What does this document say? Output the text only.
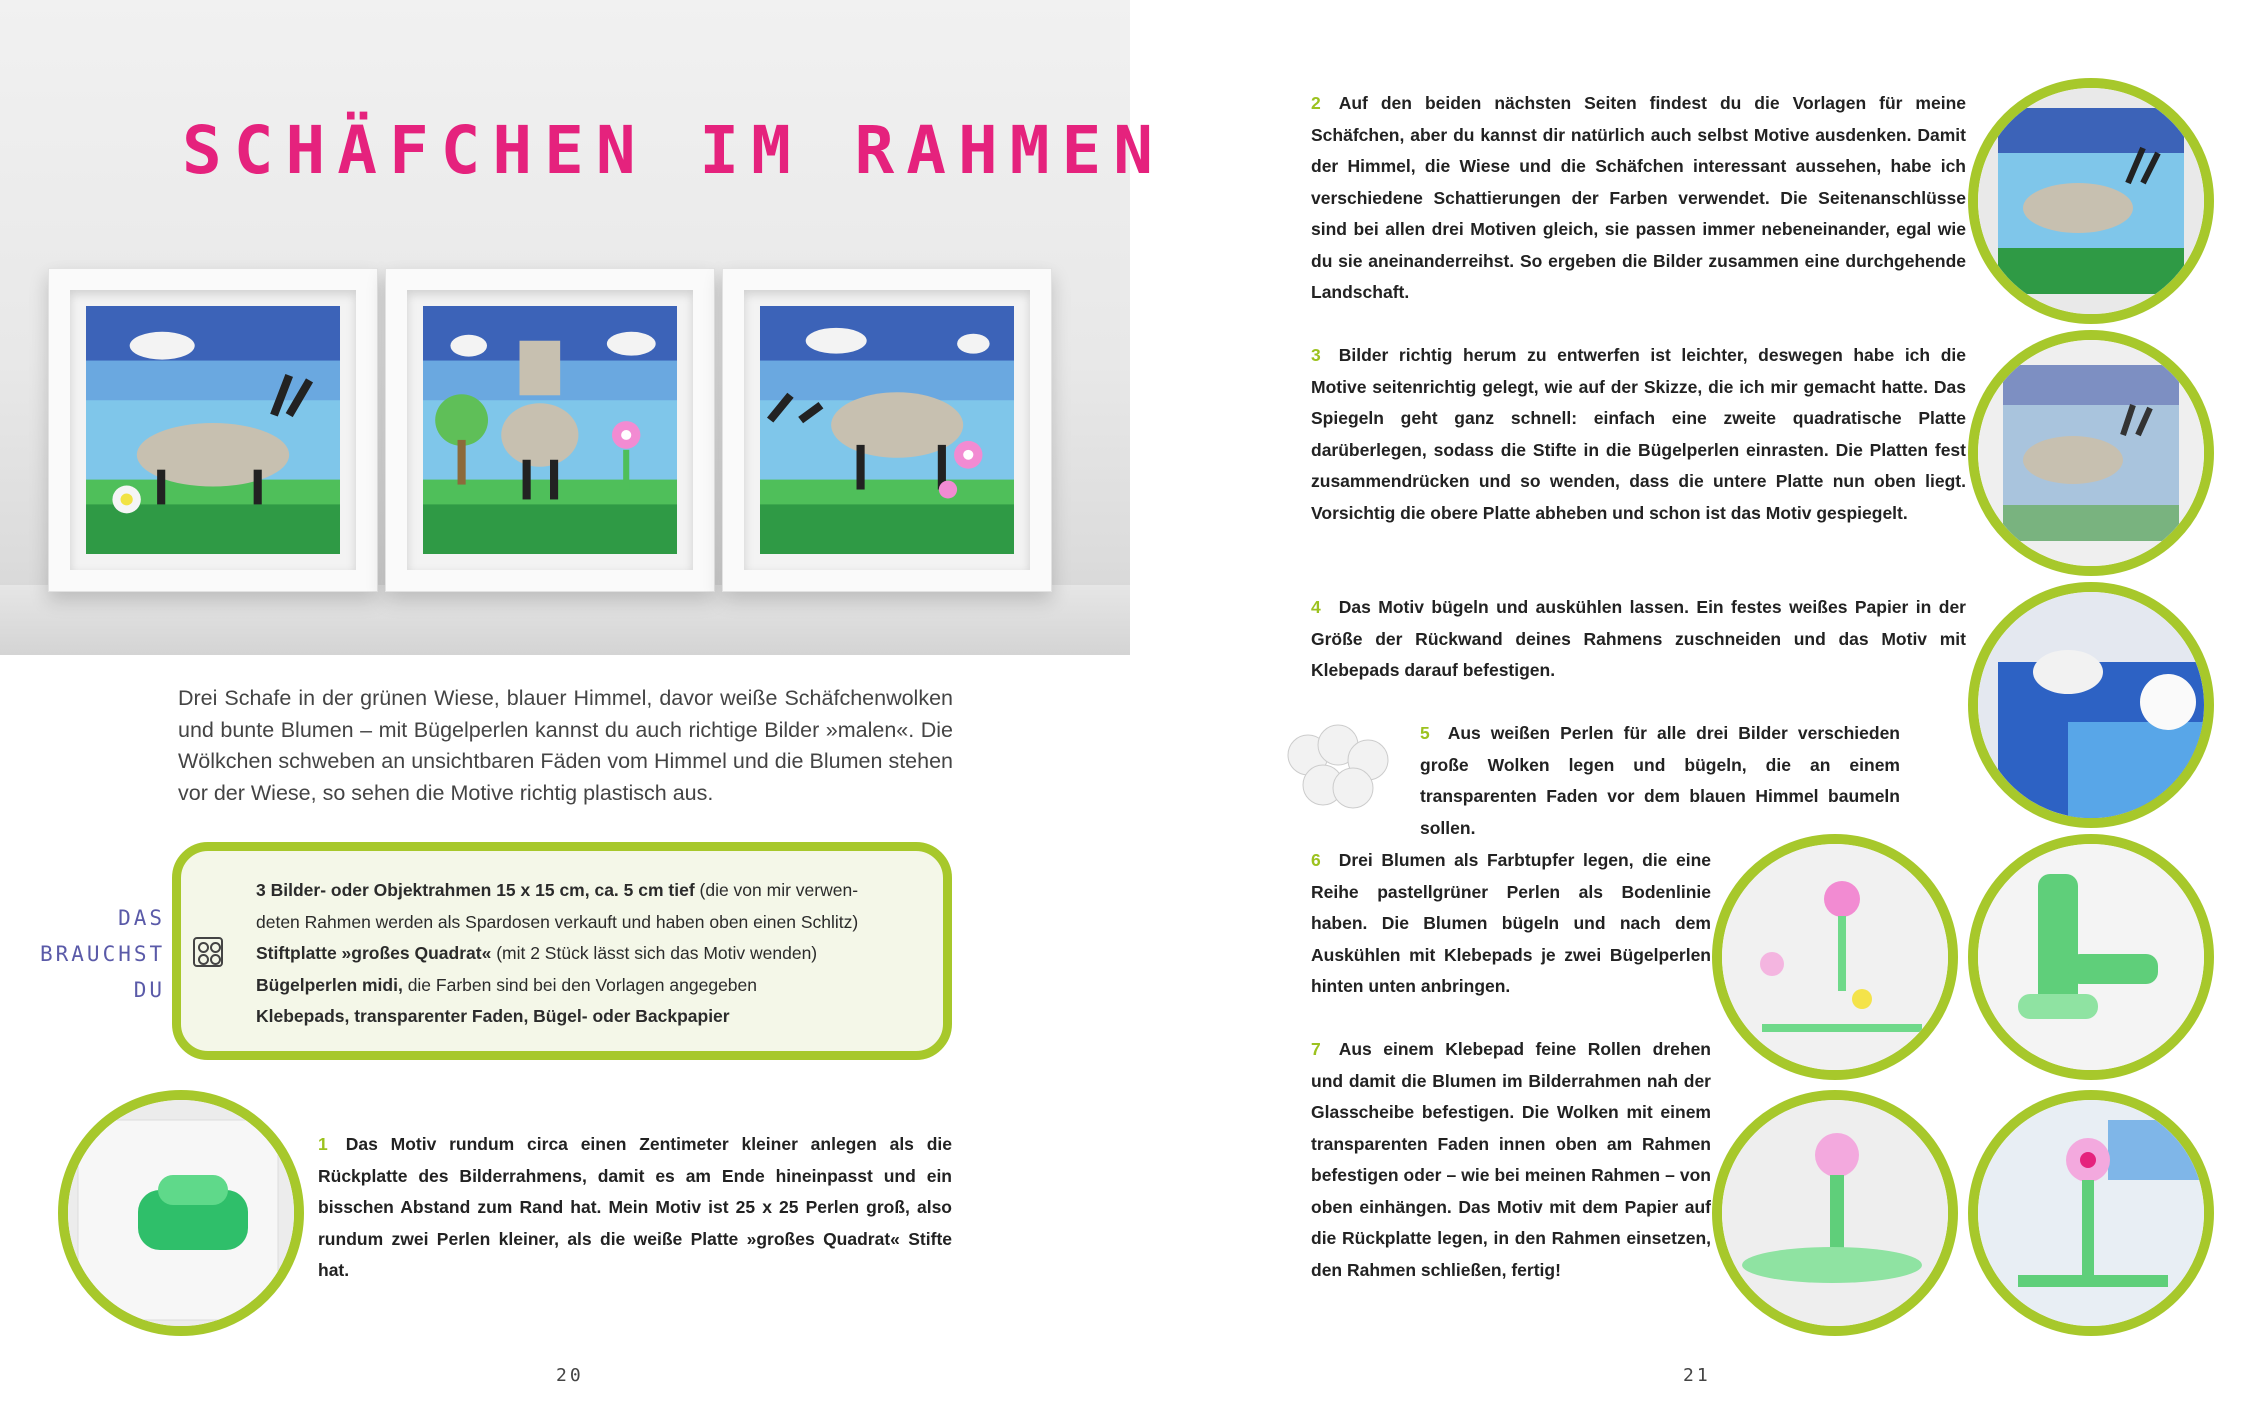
SCHÄFCHEN IM RAHMEN
Drei Schafe in der grünen Wiese, blauer Himmel, davor weiße Schäfchenwolken und bunte Blumen – mit Bügelperlen kannst du auch richtige Bilder »malen«. Die Wölkchen schweben an unsichtbaren Fäden vom Himmel und die Blumen stehen vor der Wiese, so sehen die Motive richtig plastisch aus.
DAS
BRAUCHST
DU
3 Bilder- oder Objektrahmen 15 x 15 cm, ca. 5 cm tief (die von mir verwen-
deten Rahmen werden als Spardosen verkauft und haben oben einen Schlitz)
Stiftplatte »großes Quadrat« (mit 2 Stück lässt sich das Motiv wenden)
Bügelperlen midi, die Farben sind bei den Vorlagen angegeben
Klebepads, transparenter Faden, Bügel- oder Backpapier
1 Das Motiv rundum circa einen Zentimeter kleiner anlegen als die Rückplatte des Bilderrahmens, damit es am Ende hineinpasst und ein bisschen Abstand zum Rand hat. Mein Motiv ist 25 x 25 Perlen groß, also rundum zwei Perlen kleiner, als die weiße Platte »großes Quadrat« Stifte hat.
20
2 Auf den beiden nächsten Seiten findest du die Vorlagen für meine Schäfchen, aber du kannst dir natürlich auch selbst Motive ausdenken. Damit der Himmel, die Wiese und die Schäfchen interessant aussehen, habe ich verschiedene Schattierungen der Farben verwendet. Die Seitenanschlüsse sind bei allen drei Motiven gleich, sie passen immer nebeneinander, egal wie du sie aneinanderreihst. So ergeben die Bilder zusammen eine durchgehende Landschaft.
3 Bilder richtig herum zu entwerfen ist leichter, deswegen habe ich die Motive seitenrichtig gelegt, wie auf der Skizze, die ich mir gemacht hatte. Das Spiegeln geht ganz schnell: einfach eine zweite quadratische Platte darüberlegen, sodass die Stifte in die Bügelperlen einrasten. Die Platten fest zusammendrücken und so wenden, dass die untere Platte nun oben liegt. Vorsichtig die obere Platte abheben und schon ist das Motiv gespiegelt.
4 Das Motiv bügeln und auskühlen lassen. Ein festes weißes Papier in der Größe der Rückwand deines Rahmens zuschneiden und das Motiv mit Klebepads darauf befestigen.
5 Aus weißen Perlen für alle drei Bilder verschieden große Wolken legen und bügeln, die an einem transparenten Faden vor dem blauen Himmel baumeln sollen.
6 Drei Blumen als Farbtupfer legen, die eine Reihe pastellgrüner Perlen als Bodenlinie haben. Die Blumen bügeln und nach dem Auskühlen mit Klebepads je zwei Bügelperlen hinten unten anbringen.
7 Aus einem Klebepad feine Rollen drehen und damit die Blumen im Bilderrahmen nah der Glasscheibe befestigen. Die Wolken mit einem transparenten Faden innen oben am Rahmen befestigen oder – wie bei meinen Rahmen – von oben einhängen. Das Motiv mit dem Papier auf die Rückplatte legen, in den Rahmen einsetzen, den Rahmen schließen, fertig!
21
